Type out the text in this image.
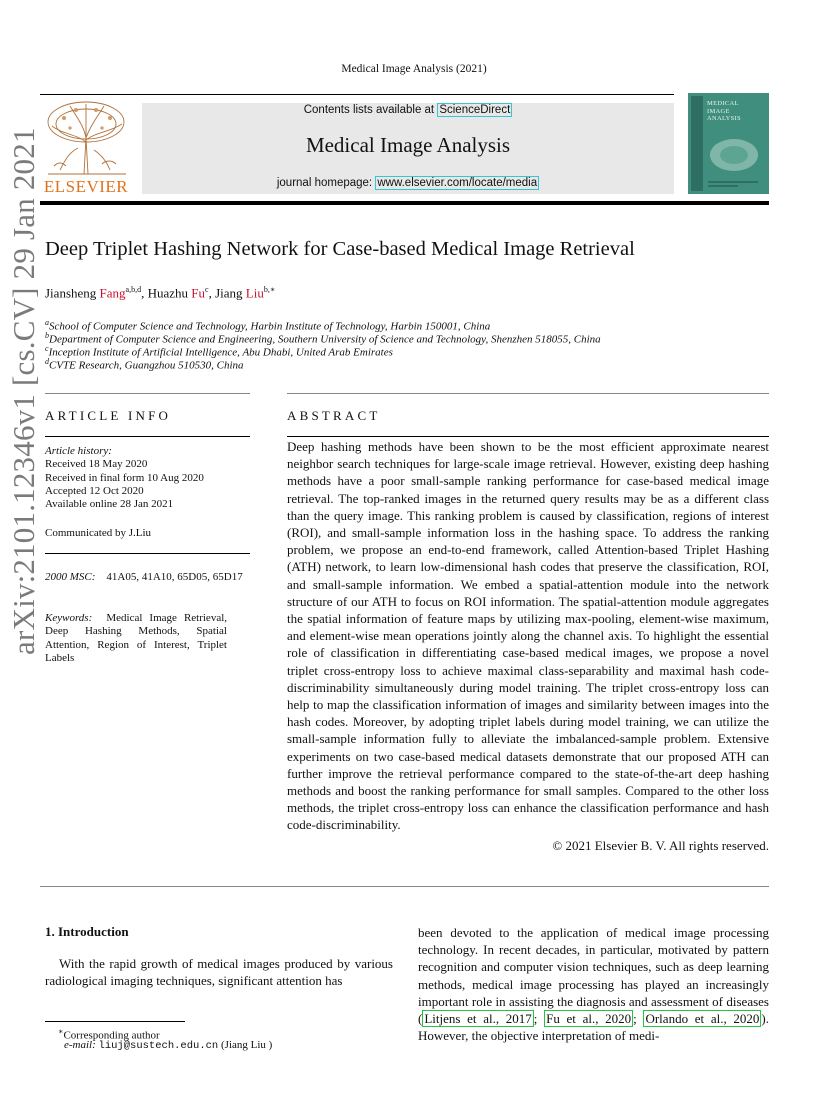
Medical Image Analysis (2021)
ELSEVIER
Contents lists available at ScienceDirect
Medical Image Analysis
journal homepage: www.elsevier.com/locate/media
MEDICAL
IMAGE
ANALYSIS
Deep Triplet Hashing Network for Case-based Medical Image Retrieval
Jiansheng Fang$^{a,b,d}$, Huazhu Fu$^c$, Jiang Liu$^{b,∗}$
$^a$School of Computer Science and Technology, Harbin Institute of Technology, Harbin 150001, China
$^b$Department of Computer Science and Engineering, Southern University of Science and Technology, Shenzhen 518055, China
$^c$Inception Institute of Artificial Intelligence, Abu Dhabi, United Arab Emirates
$^d$CVTE Research, Guangzhou 510530, China
arXiv:2101.12346v1 [cs.CV] 29 Jan 2021 ARTICLE INFO
Article history:
Received 18 May 2020
Received in final form 10 Aug 2020
Accepted 12 Oct 2020
Available online 28 Jan 2021
Communicated by J.Liu
2000 MSC: 41A05, 41A10, 65D05, 65D17
Keywords: Medical Image Retrieval, Deep Hashing Methods, Spatial Attention, Region of Interest, Triplet Labels
ABSTRACT
Deep hashing methods have been shown to be the most efficient approximate nearest neighbor search techniques for large-scale image retrieval. However, existing deep hashing methods have a poor small-sample ranking performance for case-based medical image retrieval. The top-ranked images in the returned query results may be as a different class than the query image. This ranking problem is caused by classification, regions of interest (ROI), and small-sample information loss in the hashing space. To address the ranking problem, we propose an end-to-end framework, called Attention-based Triplet Hashing (ATH) network, to learn low-dimensional hash codes that preserve the classification, ROI, and small-sample information. We embed a spatial-attention module into the network structure of our ATH to focus on ROI information. The spatial-attention module aggregates the spatial information of feature maps by utilizing max-pooling, element-wise maximum, and element-wise mean operations jointly along the channel axis. To highlight the essential role of classification in differentiating case-based medical images, we propose a novel triplet cross-entropy loss to achieve maximal class-separability and maximal hash code-discriminability simultaneously during model training. The triplet cross-entropy loss can help to map the classification information of images and similarity between images into the hash codes. Moreover, by adopting triplet labels during model training, we can utilize the small-sample information fully to alleviate the imbalanced-sample problem. Extensive experiments on two case-based medical datasets demonstrate that our proposed ATH can further improve the retrieval performance compared to the state-of-the-art deep hashing methods and boost the ranking performance for small samples. Compared to the other loss methods, the triplet cross-entropy loss can enhance the classification performance and hash code-discriminability.
© 2021 Elsevier B. V. All rights reserved.
1. Introduction
With the rapid growth of medical images produced by various radiological imaging techniques, significant attention has
been devoted to the application of medical image processing technology. In recent decades, in particular, motivated by pattern recognition and computer vision techniques, such as deep learning methods, medical image processing has played an increasingly important role in assisting the diagnosis and assessment of diseases ( Litjens et al., 2017 ; Fu et al., 2020 ; Orlando et al., 2020 ). However, the objective interpretation of medi-
∗Corresponding author
e-mail: liuj@sustech.edu.cn (Jiang Liu )
